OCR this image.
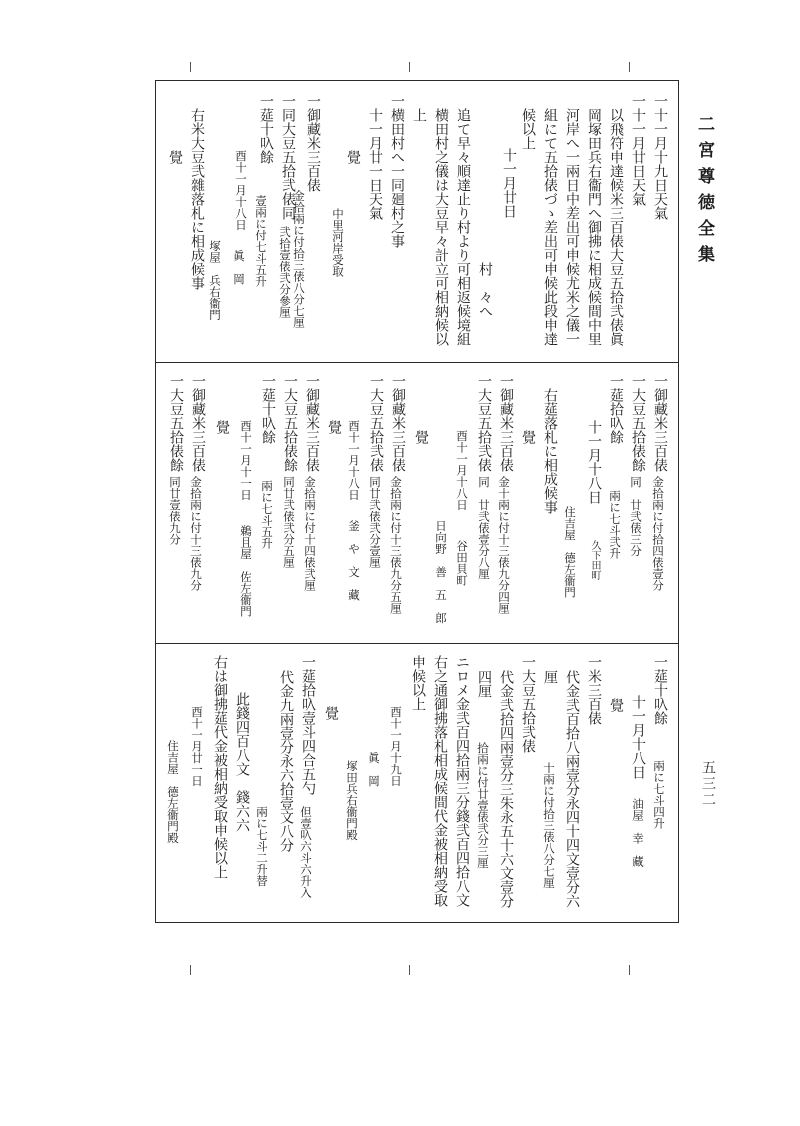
二宮尊徳全集
五三二
一十一月十九日天氣
一十一月廿日天氣
以飛符申達候米三百俵大豆五拾弐俵眞
岡塚田兵右衞門へ御拂に相成候間中里
河岸へ一兩日中差出可申候尤米之儀一
組にて五拾俵づゝ差出可申候此段申達
候以上
十一月廿日
村　々へ
追て早々順達止り村より可相返候境組
横田村之儀は大豆早々計立可相納候以
上
一横田村へ一同廻村之事
十一月廿一日天氣
覺
中里河岸受取
一御藏米三百俵
金拾兩に付拾三俵八分七厘
一同大豆五拾弐俵同
弐拾壹俵弐分參厘
一莚十叺餘
壹兩に付七斗五升
酉十一月十八日
眞　岡
塚屋　兵右衞門
右米大豆弐雜落札に相成候事
覺
一御藏米三百俵
金拾兩に付拾四俵壹分
一大豆五拾俵餘
同　廿弐俵三分
一莚拾叺餘
兩に七斗弐升
十一月十八日
久下田町
住吉屋　德左衞門
右莚落札に相成候事
覺
一御藏米三百俵
金十兩に付十三俵九分四厘
一大豆五拾弐俵
同　廿弐俵壹分八厘
酉十一月十八日
谷田貝町
日向野　善　五　郎
覺
一御藏米三百俵
金拾兩に付十三俵九分五厘
一大豆五拾弐俵
同廿弐俵弐分壹厘
酉十一月十八日
釜　や　文　藏
覺
一御藏米三百俵
金拾兩に付十四俵弐厘
一大豆五拾俵餘
同廿弐俵弐分五厘
一莚十叺餘
兩に七斗五升
酉十一月十一日
鵜且屋　佐左衞門
覺
一御藏米三百俵
金拾兩に付十三俵九分
一大豆五拾俵餘
同廿壹俵九分
一莚十叺餘
兩に七斗四升
十一月十八日
油屋　幸　藏
覺
一米三百俵
代金弐百拾八兩壹分永四十四文壹分六
厘
十兩に付拾三俵八分七厘
一大豆五拾弐俵
代金弐拾四兩壹分三朱永五十六文壹分
四厘
拾兩に付廿壹俵弐分三厘
ニロメ金弐百四拾兩三分錢弐百四拾八文
右之通御拂落札相成候間代金被相納受取
申候以上
酉十一月十九日
眞　岡
塚田兵右衞門殿
覺
一莚拾叺壹斗四合五勺
但壹叺六斗六升入
代金九兩壹分永六拾壹文八分
兩に七斗二升替
此錢四百八文　錢六六
右は御拂莚代金被相納受取申候以上
酉十一月廿一日
住吉屋　德左衞門殿
